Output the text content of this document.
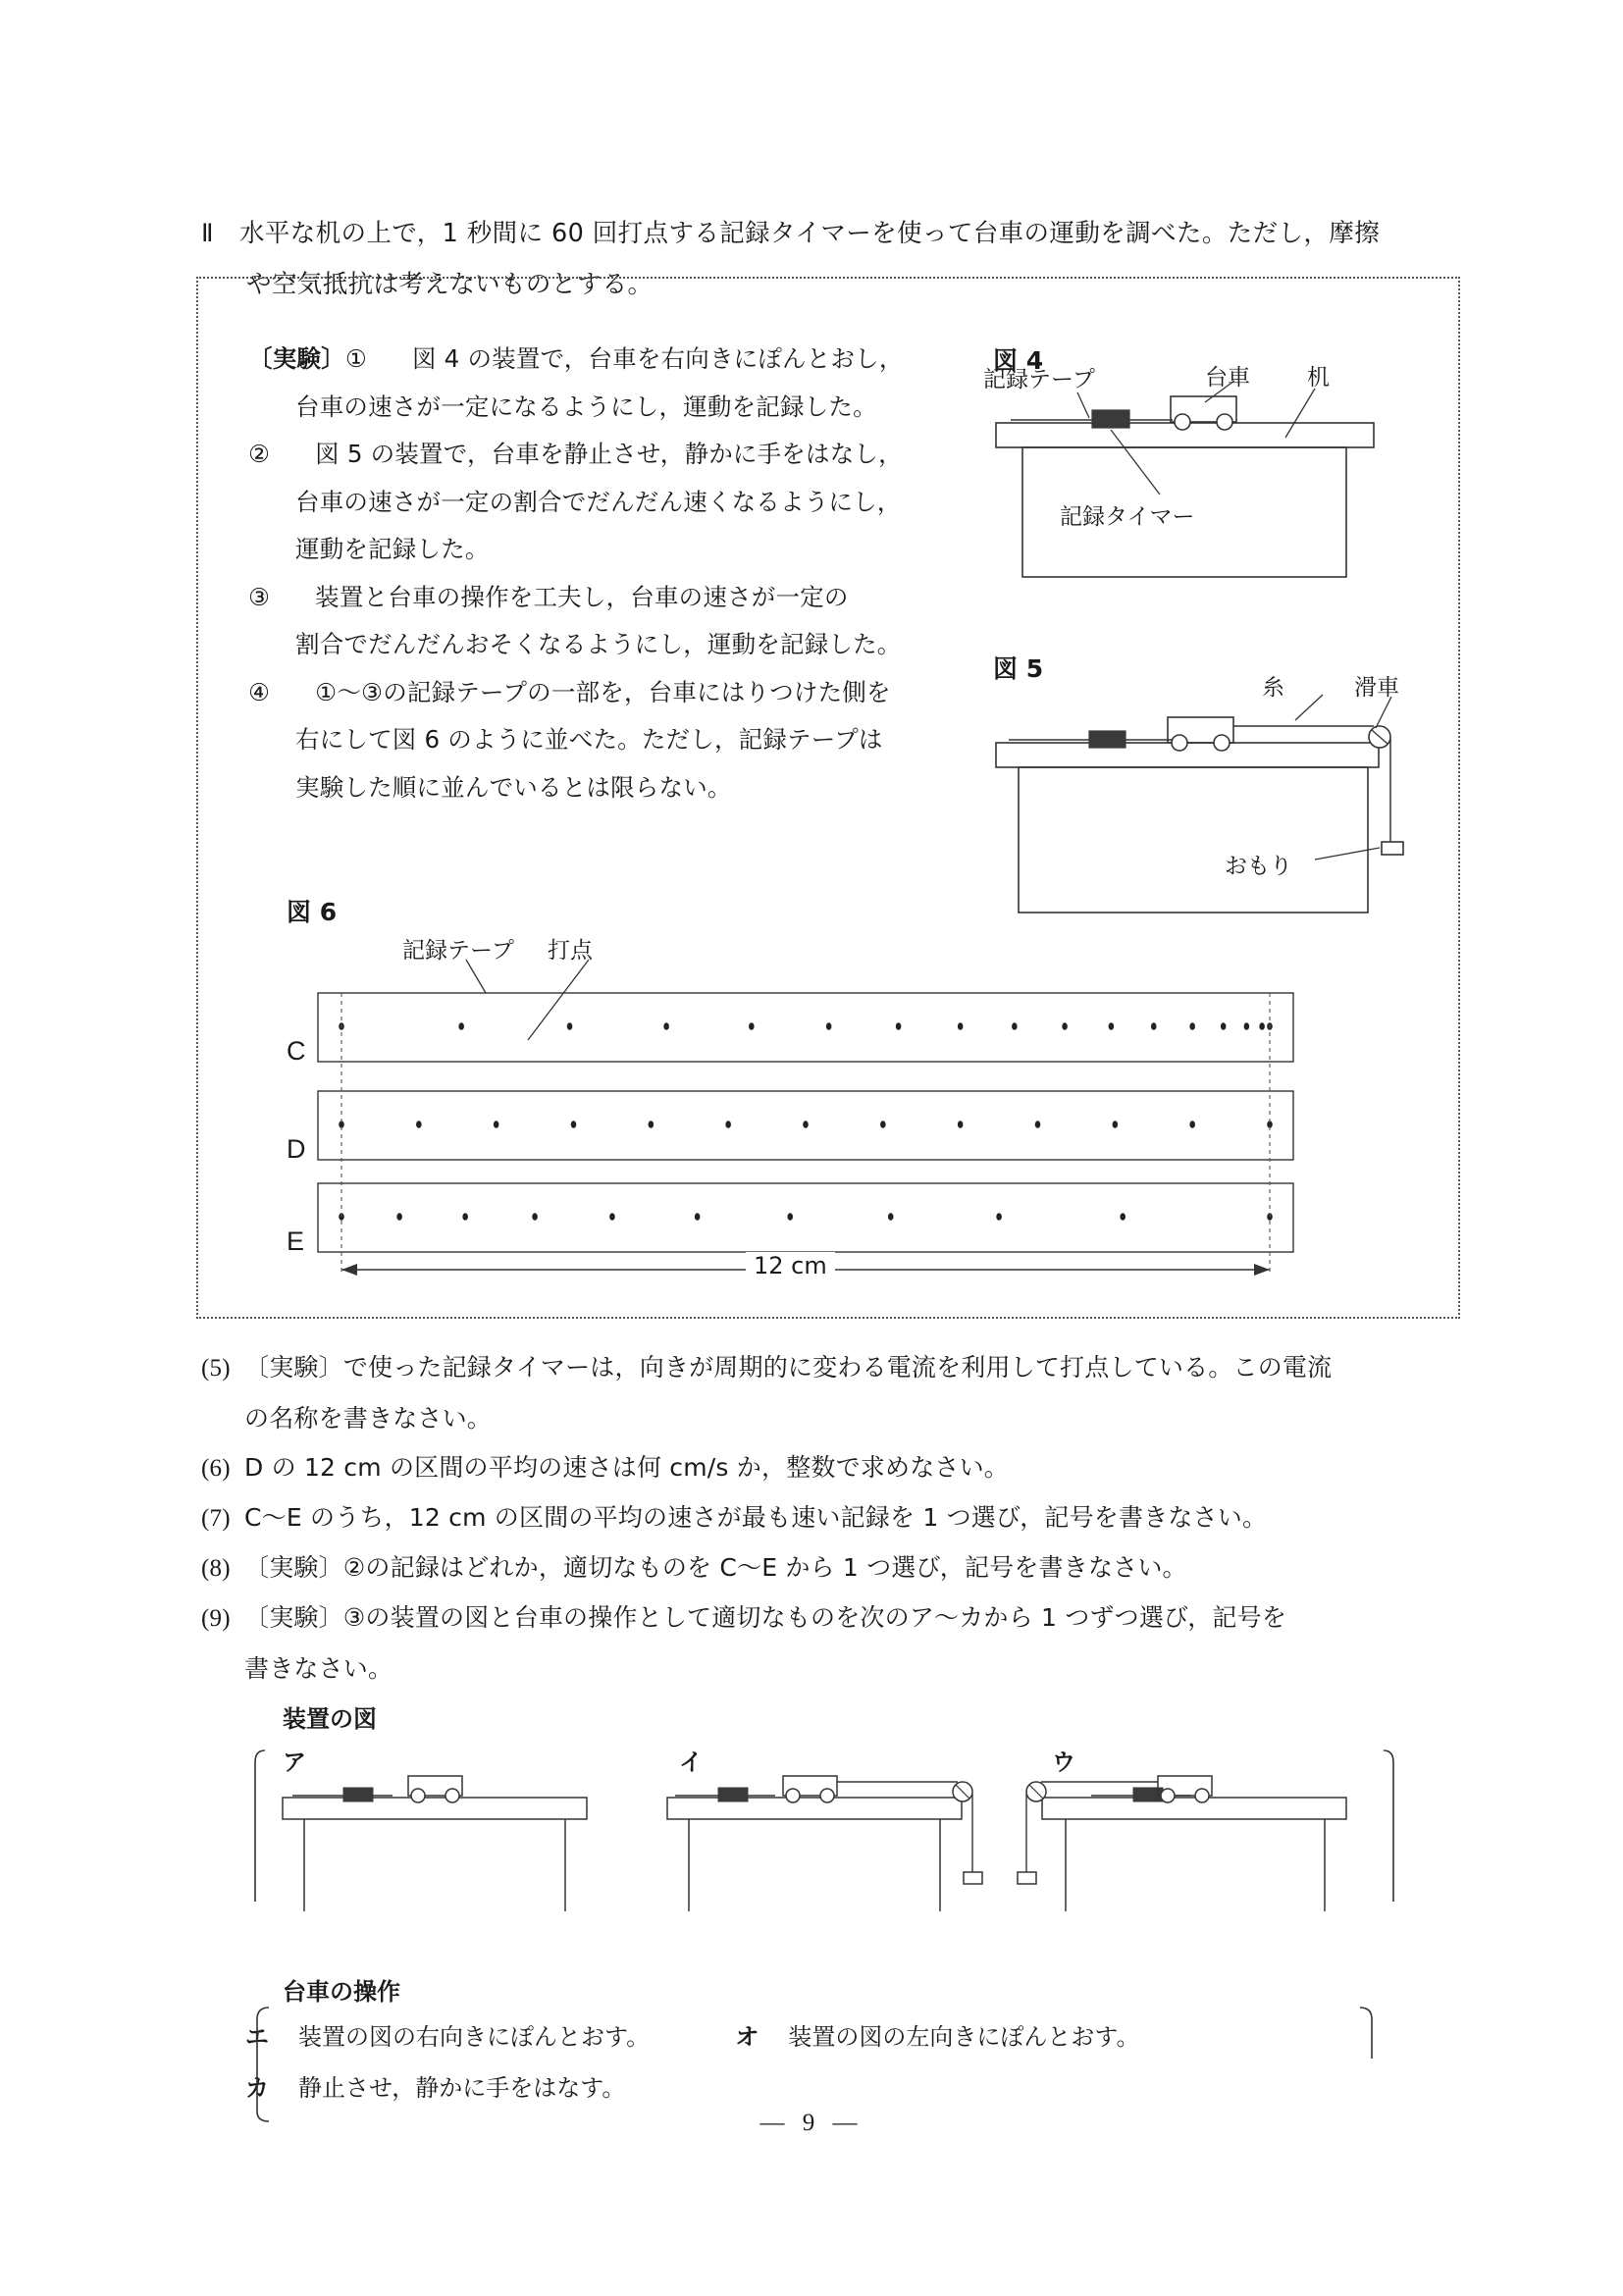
Ⅱ 水平な机の上で，1 秒間に 60 回打点する記録タイマーを使って台車の運動を調べた。ただし，摩擦
や空気抵抗は考えないものとする。
〔実験〕① 図 4 の装置で，台車を右向きにぽんとおし，
台車の速さが一定になるようにし，運動を記録した。
② 図 5 の装置で，台車を静止させ，静かに手をはなし，
台車の速さが一定の割合でだんだん速くなるようにし，
運動を記録した。
③ 装置と台車の操作を工夫し，台車の速さが一定の
割合でだんだんおそくなるようにし，運動を記録した。
④ ①〜③の記録テープの一部を，台車にはりつけた側を
右にして図 6 のように並べた。ただし，記録テープは
実験した順に並んでいるとは限らない。
図 4
記録テープ	台車	机
記録タイマー
図 5
糸	滑車
おもり
図 6
記録テープ 打点
C
D
E
12 cm
(5) 〔実験〕で使った記録タイマーは，向きが周期的に変わる電流を利用して打点している。この電流
の名称を書きなさい。
(6) D の 12 cm の区間の平均の速さは何 cm/s か，整数で求めなさい。
(7) C〜E のうち，12 cm の区間の平均の速さが最も速い記録を 1 つ選び，記号を書きなさい。
(8) 〔実験〕②の記録はどれか，適切なものを C〜E から 1 つ選び，記号を書きなさい。
(9) 〔実験〕③の装置の図と台車の操作として適切なものを次のア〜カから 1 つずつ選び，記号を
書きなさい。
装置の図
ア	イ	ウ
台車の操作
エ 装置の図の右向きにぽんとおす。	オ 装置の図の左向きにぽんとおす。
カ 静止させ，静かに手をはなす。
— 9 —
